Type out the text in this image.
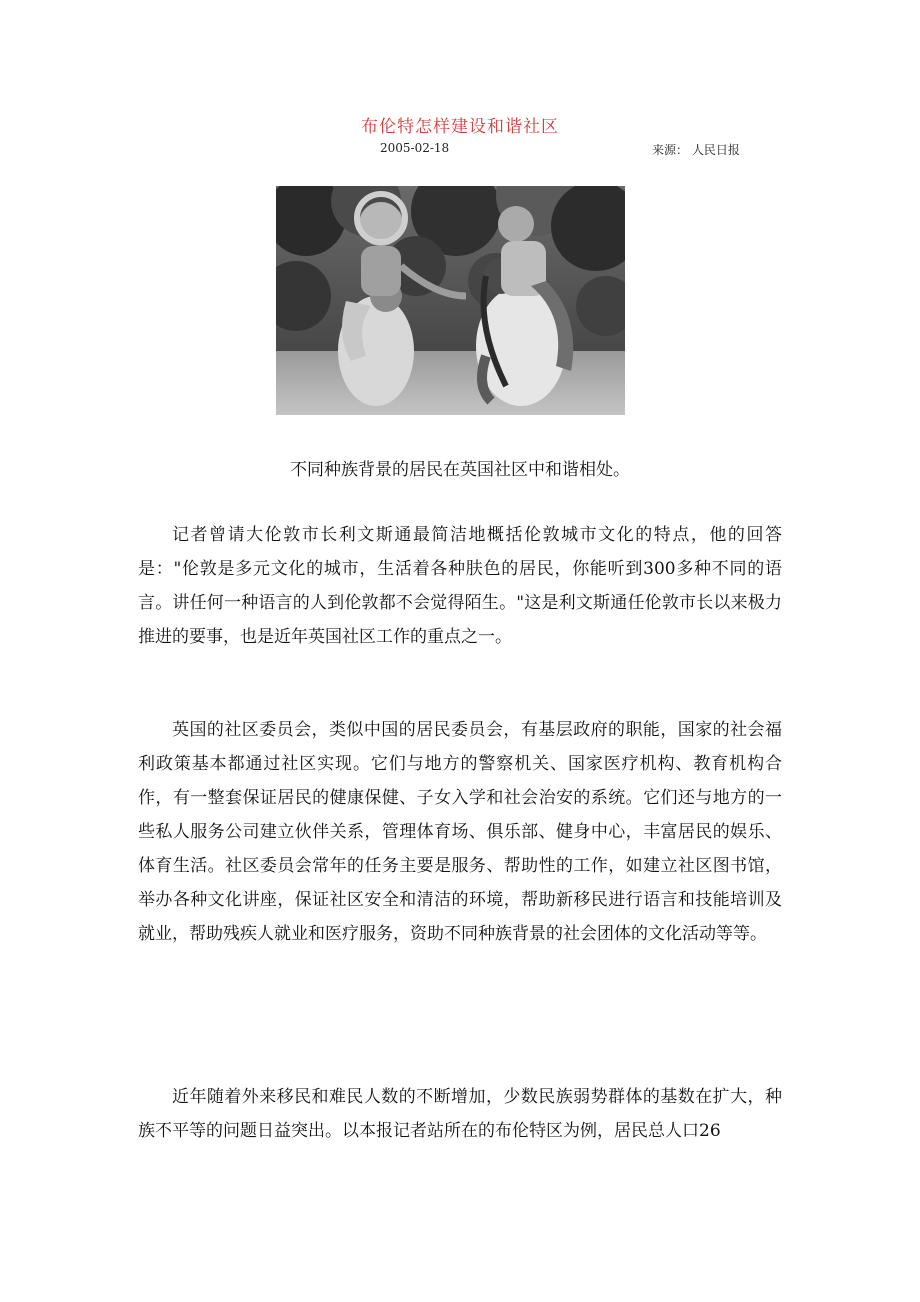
布伦特怎样建设和谐社区
2005-02-18	来源： 人民日报
不同种族背景的居民在英国社区中和谐相处。

记者曾请大伦敦市长利文斯通最简洁地概括伦敦城市文化的特点，他的回答是："伦敦是多元文化的城市，生活着各种肤色的居民，你能听到300多种不同的语言。讲任何一种语言的人到伦敦都不会觉得陌生。"这是利文斯通任伦敦市长以来极力推进的要事，也是近年英国社区工作的重点之一。

英国的社区委员会，类似中国的居民委员会，有基层政府的职能，国家的社会福利政策基本都通过社区实现。它们与地方的警察机关、国家医疗机构、教育机构合作，有一整套保证居民的健康保健、子女入学和社会治安的系统。它们还与地方的一些私人服务公司建立伙伴关系，管理体育场、俱乐部、健身中心，丰富居民的娱乐、体育生活。社区委员会常年的任务主要是服务、帮助性的工作，如建立社区图书馆，举办各种文化讲座，保证社区安全和清洁的环境，帮助新移民进行语言和技能培训及就业，帮助残疾人就业和医疗服务，资助不同种族背景的社会团体的文化活动等等。

近年随着外来移民和难民人数的不断增加，少数民族弱势群体的基数在扩大，种族不平等的问题日益突出。以本报记者站所在的布伦特区为例，居民总人口26
